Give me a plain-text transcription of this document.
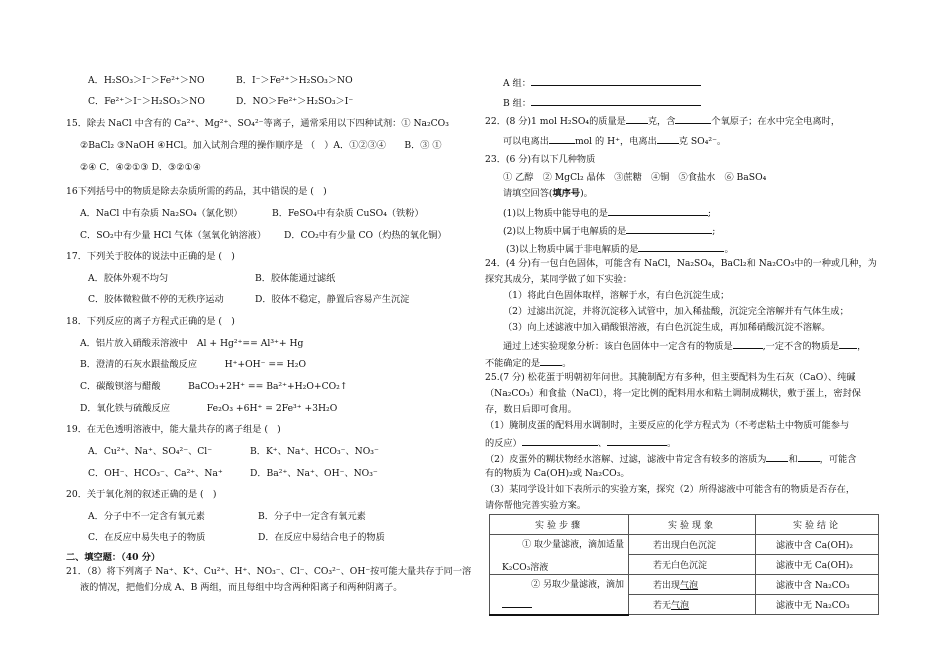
A．H₂SO₃＞I⁻＞Fe²⁺＞NO	B．I⁻＞Fe²⁺＞H₂SO₃＞NO
C．Fe²⁺＞I⁻＞H₂SO₃＞NO	D．NO＞Fe²⁺＞H₂SO₃＞I⁻
15．除去 NaCl 中含有的 Ca²⁺、Mg²⁺、SO₄²⁻等离子，通常采用以下四种试剂：① Na₂CO₃
②BaCl₂ ③NaOH ④HCl。加入试剂合理的操作顺序是 （　）A．①②③④　　B．③ ①
②④ C．④②①③ D．③②①④
16下列括号中的物质是除去杂质所需的药品，其中错误的是 (　)
A．NaCl 中有杂质 Na₂SO₄（氯化钡）	B．FeSO₄中有杂质 CuSO₄（铁粉）
C．SO₂中有少量 HCl 气体（氢氧化钠溶液） D．CO₂中有少量 CO（灼热的氧化铜）
17．下列关于胶体的说法中正确的是 (　)
A．胶体外观不均匀	B．胶体能通过滤纸
C．胶体微粒做不停的无秩序运动	D．胶体不稳定，静置后容易产生沉淀
18．下列反应的离子方程式正确的是 (　)
A．铝片放入硝酸汞溶液中　Al + Hg²⁺== Al³⁺+ Hg
B．澄清的石灰水跟盐酸反应　　　H⁺+OH⁻ == H₂O
C．碳酸钡溶与醋酸　　　BaCO₃+2H⁺ == Ba²⁺+H₂O+CO₂↑
D．氧化铁与硫酸反应　　　　Fe₂O₃ +6H⁺ = 2Fe³⁺ +3H₂O
19．在无色透明溶液中，能大量共存的离子组是 (　)
A．Cu²⁺、Na⁺、SO₄²⁻、Cl⁻	B．K⁺、Na⁺、HCO₃⁻、NO₃⁻
C．OH⁻、HCO₃⁻、Ca²⁺、Na⁺	D．Ba²⁺、Na⁺、OH⁻、NO₃⁻
20．关于氧化剂的叙述正确的是 (　)
A．分子中不一定含有氧元素	B．分子中一定含有氧元素
C．在反应中易失电子的物质	D．在反应中易结合电子的物质
二、填空题：（40 分）
21．（8）将下列离子 Na⁺、K⁺、Cu²⁺、H⁺、NO₃⁻、Cl⁻、CO₃²⁻、OH⁻按可能大量共存于同一溶
液的情况，把他们分成 A、B 两组，而且每组中均含两种阳离子和两种阴离子。
A 组：
B 组：
22．(8 分)1 mol H₂SO₄的质量是 克，含	个氧原子；在水中完全电离时，
可以电离出	mol 的 H⁺，电离出 克 SO₄²⁻。
23．(6 分)有以下几种物质
① 乙醇　② MgCl₂ 晶体　③蔗糖　④铜　⑤食盐水　⑥ BaSO₄
请填空回答(填序号)。
(1)以上物质中能导电的是	;
(2)以上物质中属于电解质的是	;
(3)以上物质中属于非电解质的是	。
24．(4 分)有一包白色固体，可能含有 NaCl，Na₂SO₄，BaCl₂和 Na₂CO₃中的一种或几种，为
探究其成分，某同学做了如下实验：
（1）将此白色固体取样，溶解于水，有白色沉淀生成；
（2）过滤出沉淀，并将沉淀移入试管中，加入稀盐酸，沉淀完全溶解并有气体生成；
（3）向上述滤液中加入硝酸银溶液，有白色沉淀生成，再加稀硝酸沉淀不溶解。
通过上述实验现象分析：该白色固体中一定含有的物质是	,一定不含的物质是 ，
不能确定的是 。
25.(7 分) 松花蛋于明朝初年问世。其腌制配方有多种，但主要配料为生石灰（CaO）、纯碱
（Na₂CO₃）和食盐（NaCl），将一定比例的配料用水和粘土调制成糊状，敷于蛋上，密封保
存，数日后即可食用。
（1）腌制皮蛋的配料用水调制时，主要反应的化学方程式为（不考虑粘土中物质可能参与
的反应）	、	。
（2）皮蛋外的糊状物经水溶解、过滤，滤液中肯定含有较多的溶质为 和 ，可能含
有的物质为 Ca(OH)₂或 Na₂CO₃。
（3）某同学设计如下表所示的实验方案，探究（2）所得滤液中可能含有的物质是否存在，
请你帮他完善实验方案。
实验步骤	实验现象	实验结论

① 取少量滤液，滴加适量
K₂CO₃溶液	若出现白色沉淀	滤液中含 Ca(OH)₂
	若无白色沉淀	滤液中无 Ca(OH)₂

② 另取少量滤液，滴加	若出现气泡	滤液中含 Na₂CO₃
	若无气泡	滤液中无 Na₂CO₃
